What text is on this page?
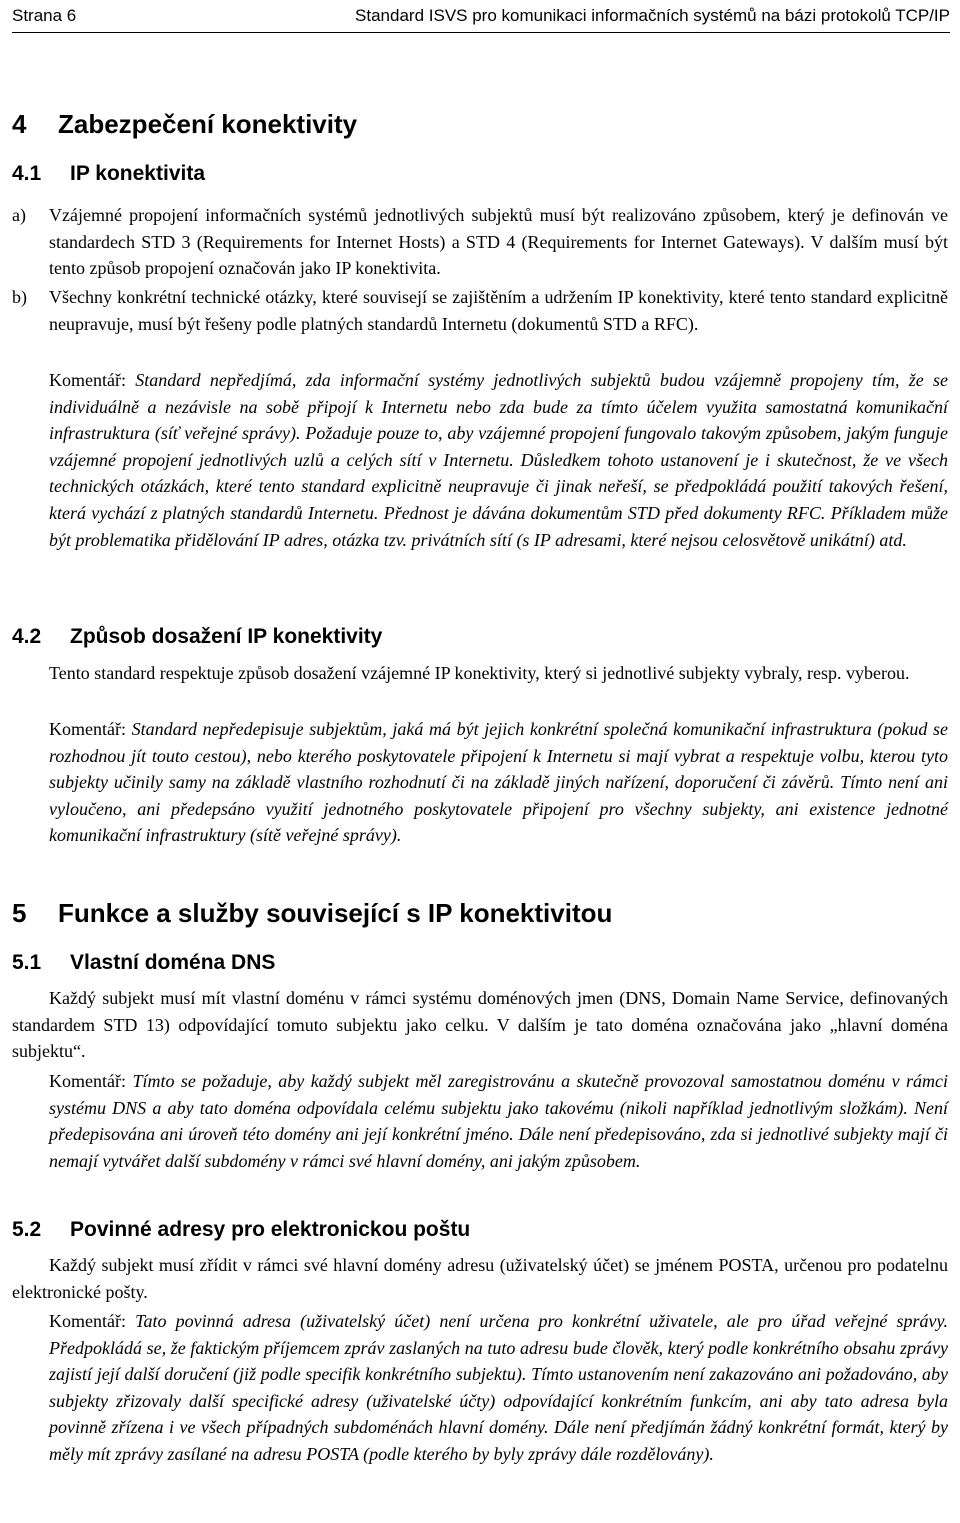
Strana 6	Standard ISVS pro komunikaci informačních systémů na bázi protokolů TCP/IP
4 Zabezpečení konektivity
4.1 IP konektivita
a) Vzájemné propojení informačních systémů jednotlivých subjektů musí být realizováno způsobem, který je definován ve standardech STD 3 (Requirements for Internet Hosts) a STD 4 (Requirements for Internet Gateways). V dalším musí být tento způsob propojení označován jako IP konektivita.
b) Všechny konkrétní technické otázky, které souvisejí se zajištěním a udržením IP konektivity, které tento standard explicitně neupravuje, musí být řešeny podle platných standardů Internetu (dokumentů STD a RFC).
Komentář: Standard nepředjímá, zda informační systémy jednotlivých subjektů budou vzájemně propojeny tím, že se individuálně a nezávisle na sobě připojí k Internetu nebo zda bude za tímto účelem využita samostatná komunikační infrastruktura (síť veřejné správy). Požaduje pouze to, aby vzájemné propojení fungovalo takovým způsobem, jakým funguje vzájemné propojení jednotlivých uzlů a celých sítí v Internetu. Důsledkem tohoto ustanovení je i skutečnost, že ve všech technických otázkách, které tento standard explicitně neupravuje či jinak neřeší, se předpokládá použití takových řešení, která vychází z platných standardů Internetu. Přednost je dávána dokumentům STD před dokumenty RFC. Příkladem může být problematika přidělování IP adres, otázka tzv. privátních sítí (s IP adresami, které nejsou celosvětově unikátní) atd.
4.2 Způsob dosažení IP konektivity
Tento standard respektuje způsob dosažení vzájemné IP konektivity, který si jednotlivé subjekty vybraly, resp. vyberou.
Komentář: Standard nepředepisuje subjektům, jaká má být jejich konkrétní společná komunikační infrastruktura (pokud se rozhodnou jít touto cestou), nebo kterého poskytovatele připojení k Internetu si mají vybrat a respektuje volbu, kterou tyto subjekty učinily samy na základě vlastního rozhodnutí či na základě jiných nařízení, doporučení či závěrů. Tímto není ani vyloučeno, ani předepsáno využití jednotného poskytovatele připojení pro všechny subjekty, ani existence jednotné komunikační infrastruktury (sítě veřejné správy).
5 Funkce a služby související s IP konektivitou
5.1 Vlastní doména DNS
Každý subjekt musí mít vlastní doménu v rámci systému doménových jmen (DNS, Domain Name Service, definovaných standardem STD 13) odpovídající tomuto subjektu jako celku. V dalším je tato doména označována jako „hlavní doména subjektu“.
Komentář: Tímto se požaduje, aby každý subjekt měl zaregistrovánu a skutečně provozoval samostatnou doménu v rámci systému DNS a aby tato doména odpovídala celému subjektu jako takovému (nikoli například jednotlivým složkám). Není předepisována ani úroveň této domény ani její konkrétní jméno. Dále není předepisováno, zda si jednotlivé subjekty mají či nemají vytvářet další subdomény v rámci své hlavní domény, ani jakým způsobem.
5.2 Povinné adresy pro elektronickou poštu
Každý subjekt musí zřídit v rámci své hlavní domény adresu (uživatelský účet) se jménem POSTA, určenou pro podatelnu elektronické pošty.
Komentář: Tato povinná adresa (uživatelský účet) není určena pro konkrétní uživatele, ale pro úřad veřejné správy. Předpokládá se, že faktickým příjemcem zpráv zaslaných na tuto adresu bude člověk, který podle konkrétního obsahu zprávy zajistí její další doručení (již podle specifik konkrétního subjektu). Tímto ustanovením není zakazováno ani požadováno, aby subjekty zřizovaly další specifické adresy (uživatelské účty) odpovídající konkrétním funkcím, ani aby tato adresa byla povinně zřízena i ve všech případných subdoménách hlavní domény. Dále není předjímán žádný konkrétní formát, který by měly mít zprávy zasílané na adresu POSTA (podle kterého by byly zprávy dále rozdělovány).
